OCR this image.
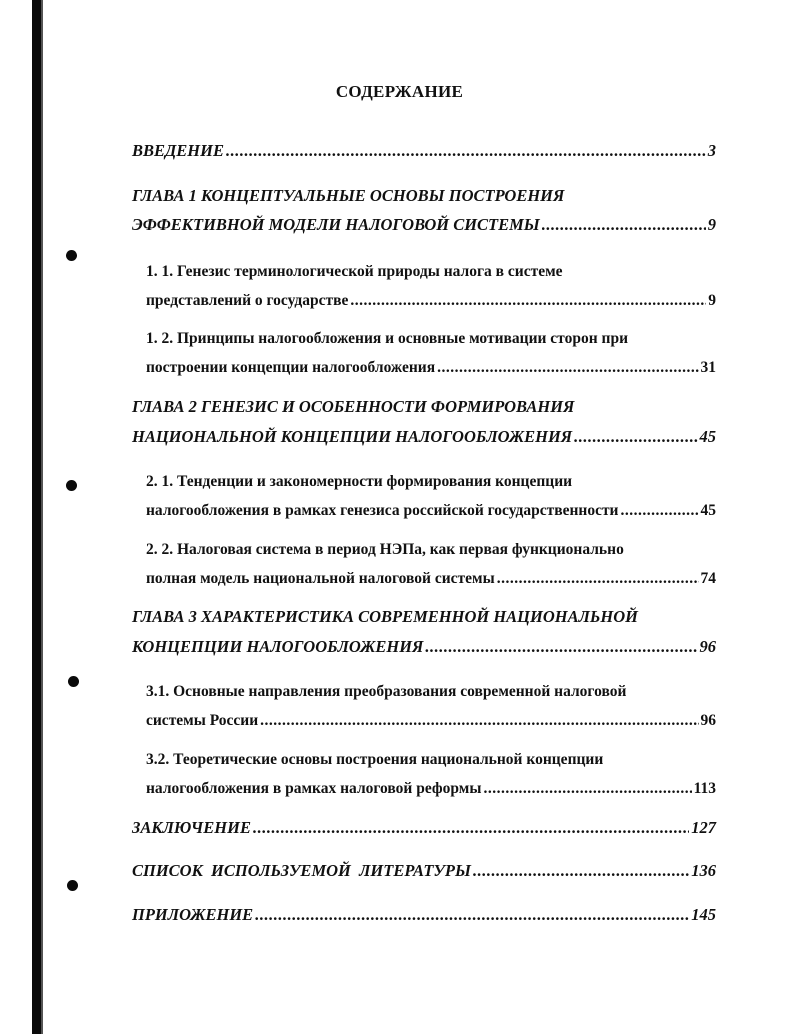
СОДЕРЖАНИЕ
ВВЕДЕНИЕ .....	3
ГЛАВА 1 КОНЦЕПТУАЛЬНЫЕ ОСНОВЫ ПОСТРОЕНИЯ
ЭФФЕКТИВНОЙ МОДЕЛИ НАЛОГОВОЙ СИСТЕМЫ .....	9
1. 1. Генезис терминологической природы налога в системе
представлений о государстве .....	9
1. 2. Принципы налогообложения и основные мотивации сторон при
построении концепции налогообложения .....	31
ГЛАВА 2 ГЕНЕЗИС И ОСОБЕННОСТИ ФОРМИРОВАНИЯ
НАЦИОНАЛЬНОЙ КОНЦЕПЦИИ НАЛОГООБЛОЖЕНИЯ .....	45
2. 1. Тенденции и закономерности формирования концепции
налогообложения в рамках генезиса российской государственности .....	45
2. 2. Налоговая система в период НЭПа, как первая функционально
полная модель национальной налоговой системы .....	74
ГЛАВА 3 ХАРАКТЕРИСТИКА СОВРЕМЕННОЙ НАЦИОНАЛЬНОЙ
КОНЦЕПЦИИ НАЛОГООБЛОЖЕНИЯ .....	96
3.1. Основные направления преобразования современной налоговой
системы России .....	96
3.2. Теоретические основы построения национальной концепции
налогообложения в рамках налоговой реформы .....	113
ЗАКЛЮЧЕНИЕ .....	127
СПИСОК  ИСПОЛЬЗУЕМОЙ  ЛИТЕРАТУРЫ .....	136
ПРИЛОЖЕНИЕ .....	145
